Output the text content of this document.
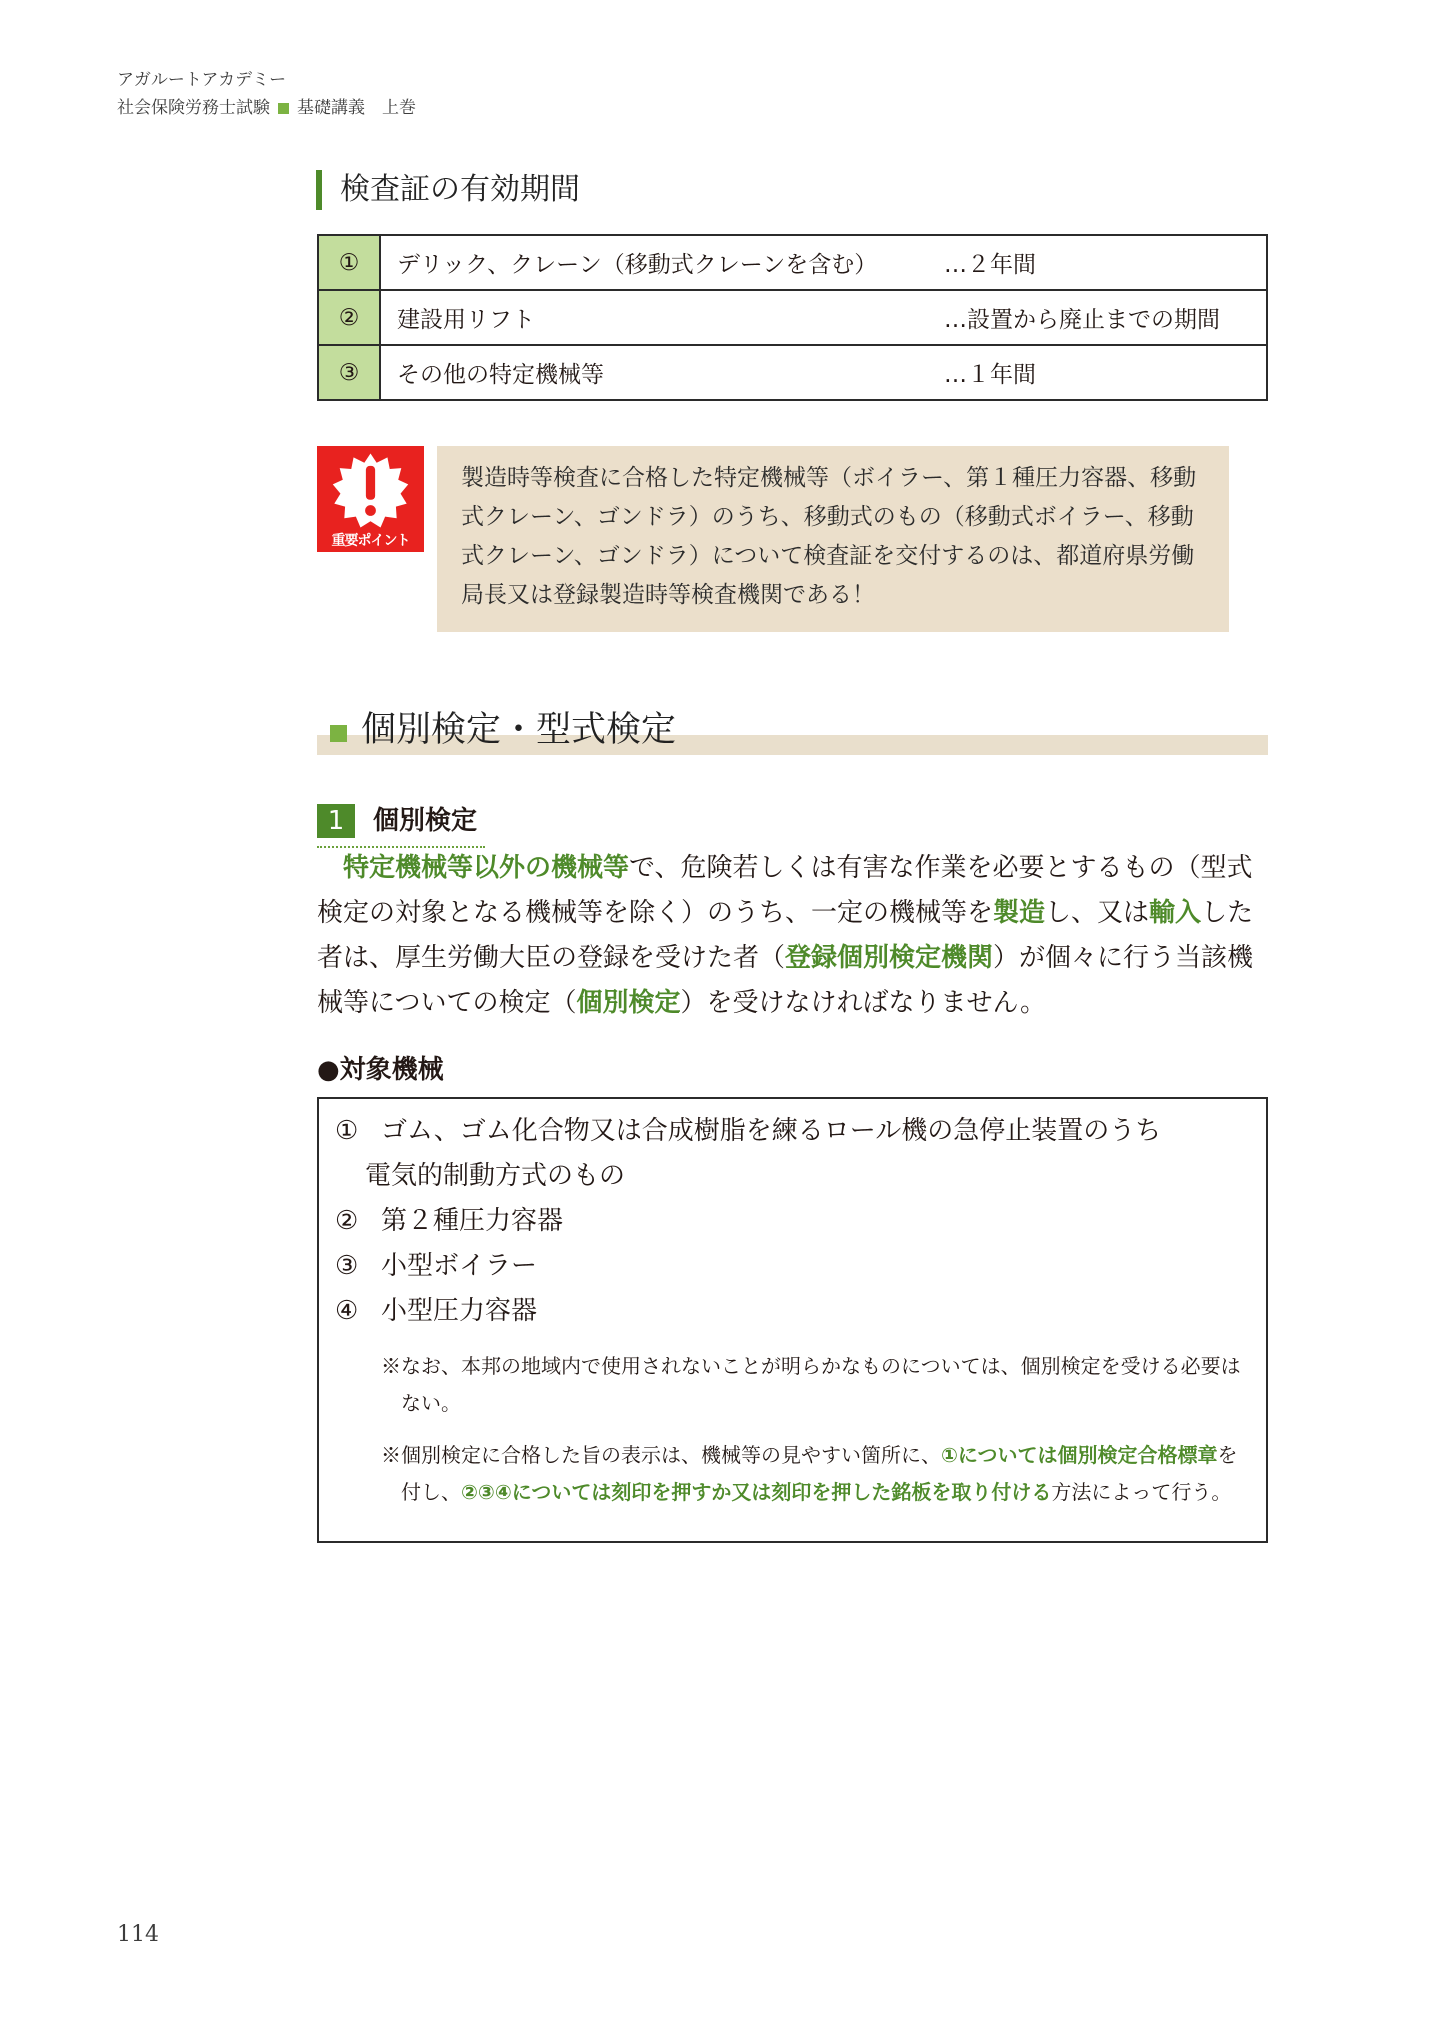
アガルートアカデミー
社会保険労務士試験 基礎講義　上巻
検査証の有効期間
①	デリック、クレーン（移動式クレーンを含む） …２年間

②	建設用リフト …設置から廃止までの期間

③	その他の特定機械等 …１年間
重要ポイント
製造時等検査に合格した特定機械等（ボイラー、第１種圧力容器、移動式クレーン、ゴンドラ）のうち、移動式のもの（移動式ボイラー、移動式クレーン、ゴンドラ）について検査証を交付するのは、都道府県労働局長又は登録製造時等検査機関である！
個別検定・型式検定
1 個別検定

特定機械等以外の機械等で、危険若しくは有害な作業を必要とするもの（型式検定の対象となる機械等を除く）のうち、一定の機械等を製造し、又は輸入した者は、厚生労働大臣の登録を受けた者（登録個別検定機関）が個々に行う当該機械等についての検定（個別検定）を受けなければなりません。

●対象機械
① ゴム、ゴム化合物又は合成樹脂を練るロール機の急停止装置のうち
電気的制動方式のもの
② 第２種圧力容器
③ 小型ボイラー
④ 小型圧力容器
※なお、本邦の地域内で使用されないことが明らかなものについては、個別検定を受ける必要はない。
※個別検定に合格した旨の表示は、機械等の見やすい箇所に、①については個別検定合格標章を付し、②③④については刻印を押すか又は刻印を押した銘板を取り付ける方法によって行う。
114
